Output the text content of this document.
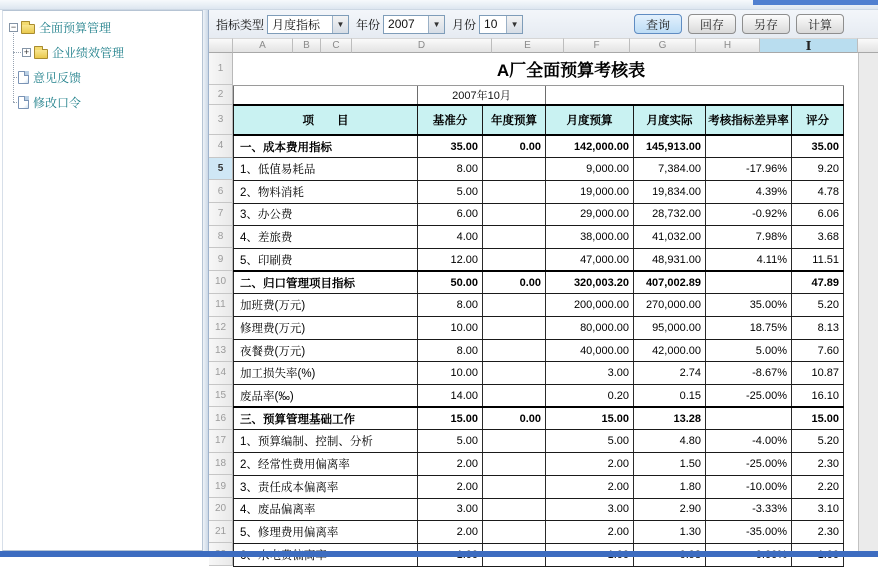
− 全面预算管理
+ 企业绩效管理
意见反馈
修改口令
指标类型 月度指标	▼ 年份 2007	▼ 月份 10	▼	查询	回存	另存	计算
A	B	C	D	E	F	G	H	I
1
2
3
4
5
6
7
8
9
10
11
12
13
14
15
16
17
18
19
20
21
A厂全面预算考核表						
	2007年10月					
项　　目	基准分	年度预算	月度预算	月度实际	考核指标差异率	评分
一、成本费用指标	35.00	0.00	142,000.00	145,913.00		35.00
1、低值易耗品	8.00		9,000.00	7,384.00	-17.96%	9.20
2、物料消耗	5.00		19,000.00	19,834.00	4.39%	4.78
3、办公费	6.00		29,000.00	28,732.00	-0.92%	6.06
4、差旅费	4.00		38,000.00	41,032.00	7.98%	3.68
5、印刷费	12.00		47,000.00	48,931.00	4.11%	11.51
二、归口管理项目指标	50.00	0.00	320,003.20	407,002.89		47.89
加班费(万元)	8.00		200,000.00	270,000.00	35.00%	5.20
修理费(万元)	10.00		80,000.00	95,000.00	18.75%	8.13
夜餐费(万元)	8.00		40,000.00	42,000.00	5.00%	7.60
加工损失率(%)	10.00		3.00	2.74	-8.67%	10.87
废品率(‰)	14.00		0.20	0.15	-25.00%	16.10
三、预算管理基础工作	15.00	0.00	15.00	13.28		15.00
1、预算编制、控制、分析	5.00		5.00	4.80	-4.00%	5.20
2、经常性费用偏离率	2.00		2.00	1.50	-25.00%	2.30
3、责任成本偏离率	2.00		2.00	1.80	-10.00%	2.20
4、废品偏离率	3.00		3.00	2.90	-3.33%	3.10
5、修理费用偏离率	2.00		2.00	1.30	-35.00%	2.30
